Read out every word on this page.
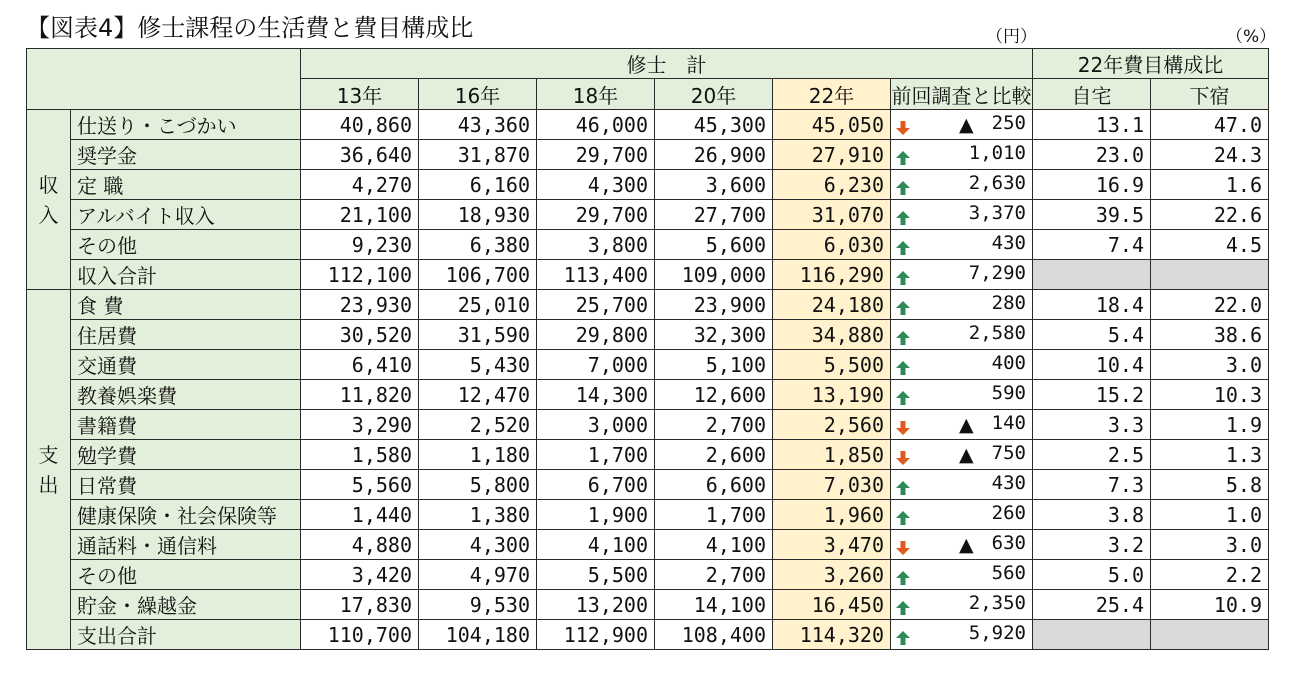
【図表4】修士課程の生活費と費目構成比	（円）	（%）
		修士　計						22年費目構成比	
		13年	16年	18年	20年	22年	前回調査と比較	自宅	下宿
収
入	仕送り・こづかい	40,860	43,360	46,000	45,300	45,050	▲ 250	13.1	47.0
	奨学金	36,640	31,870	29,700	26,900	27,910	1,010	23.0	24.3
	定 職	4,270	6,160	4,300	3,600	6,230	2,630	16.9	1.6
	アルバイト収入	21,100	18,930	29,700	27,700	31,070	3,370	39.5	22.6
	その他	9,230	6,380	3,800	5,600	6,030	430	7.4	4.5
	収入合計	112,100	106,700	113,400	109,000	116,290	7,290		

支
出	食 費	23,930	25,010	25,700	23,900	24,180	280	18.4	22.0
	住居費	30,520	31,590	29,800	32,300	34,880	2,580	5.4	38.6
	交通費	6,410	5,430	7,000	5,100	5,500	400	10.4	3.0
	教養娯楽費	11,820	12,470	14,300	12,600	13,190	590	15.2	10.3
	書籍費	3,290	2,520	3,000	2,700	2,560	▲ 140	3.3	1.9
	勉学費	1,580	1,180	1,700	2,600	1,850	▲ 750	2.5	1.3
	日常費	5,560	5,800	6,700	6,600	7,030	430	7.3	5.8
	健康保険・社会保険等	1,440	1,380	1,900	1,700	1,960	260	3.8	1.0
	通話料・通信料	4,880	4,300	4,100	4,100	3,470	▲ 630	3.2	3.0
	その他	3,420	4,970	5,500	2,700	3,260	560	5.0	2.2
	貯金・繰越金	17,830	9,530	13,200	14,100	16,450	2,350	25.4	10.9
	支出合計	110,700	104,180	112,900	108,400	114,320	5,920		
